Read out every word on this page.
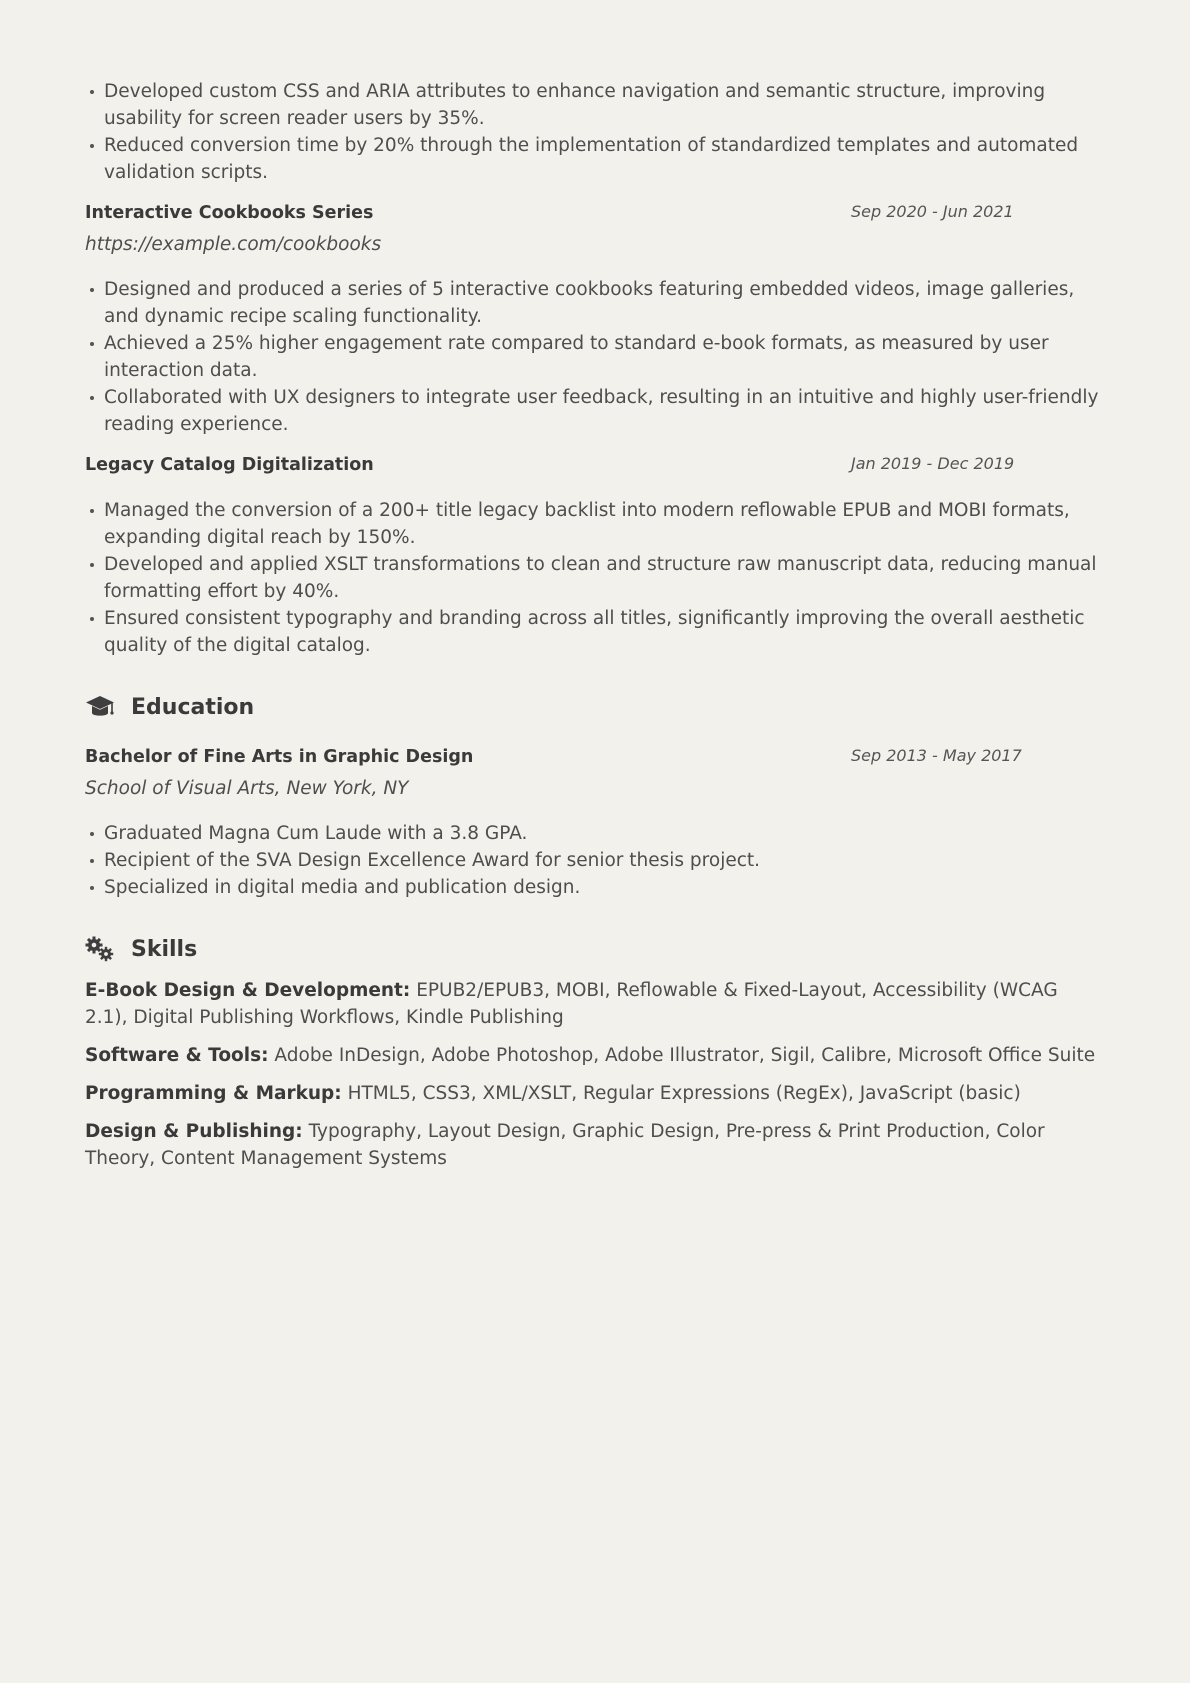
Developed custom CSS and ARIA attributes to enhance navigation and semantic structure, improving usability for screen reader users by 35%.
Reduced conversion time by 20% through the implementation of standardized templates and automated validation scripts.
Interactive Cookbooks Series	Sep 2020 - Jun 2021
https://example.com/cookbooks
Designed and produced a series of 5 interactive cookbooks featuring embedded videos, image galleries, and dynamic recipe scaling functionality.
Achieved a 25% higher engagement rate compared to standard e-book formats, as measured by user interaction data.
Collaborated with UX designers to integrate user feedback, resulting in an intuitive and highly user-friendly reading experience.
Legacy Catalog Digitalization	Jan 2019 - Dec 2019
Managed the conversion of a 200+ title legacy backlist into modern reflowable EPUB and MOBI formats, expanding digital reach by 150%.
Developed and applied XSLT transformations to clean and structure raw manuscript data, reducing manual formatting effort by 40%.
Ensured consistent typography and branding across all titles, significantly improving the overall aesthetic quality of the digital catalog.
Education
Bachelor of Fine Arts in Graphic Design	Sep 2013 - May 2017
School of Visual Arts, New York, NY
Graduated Magna Cum Laude with a 3.8 GPA.
Recipient of the SVA Design Excellence Award for senior thesis project.
Specialized in digital media and publication design.
Skills
E-Book Design & Development: EPUB2/EPUB3, MOBI, Reflowable & Fixed-Layout, Accessibility (WCAG 2.1), Digital Publishing Workflows, Kindle Publishing
Software & Tools: Adobe InDesign, Adobe Photoshop, Adobe Illustrator, Sigil, Calibre, Microsoft Office Suite
Programming & Markup: HTML5, CSS3, XML/XSLT, Regular Expressions (RegEx), JavaScript (basic)
Design & Publishing: Typography, Layout Design, Graphic Design, Pre-press & Print Production, Color Theory, Content Management Systems
